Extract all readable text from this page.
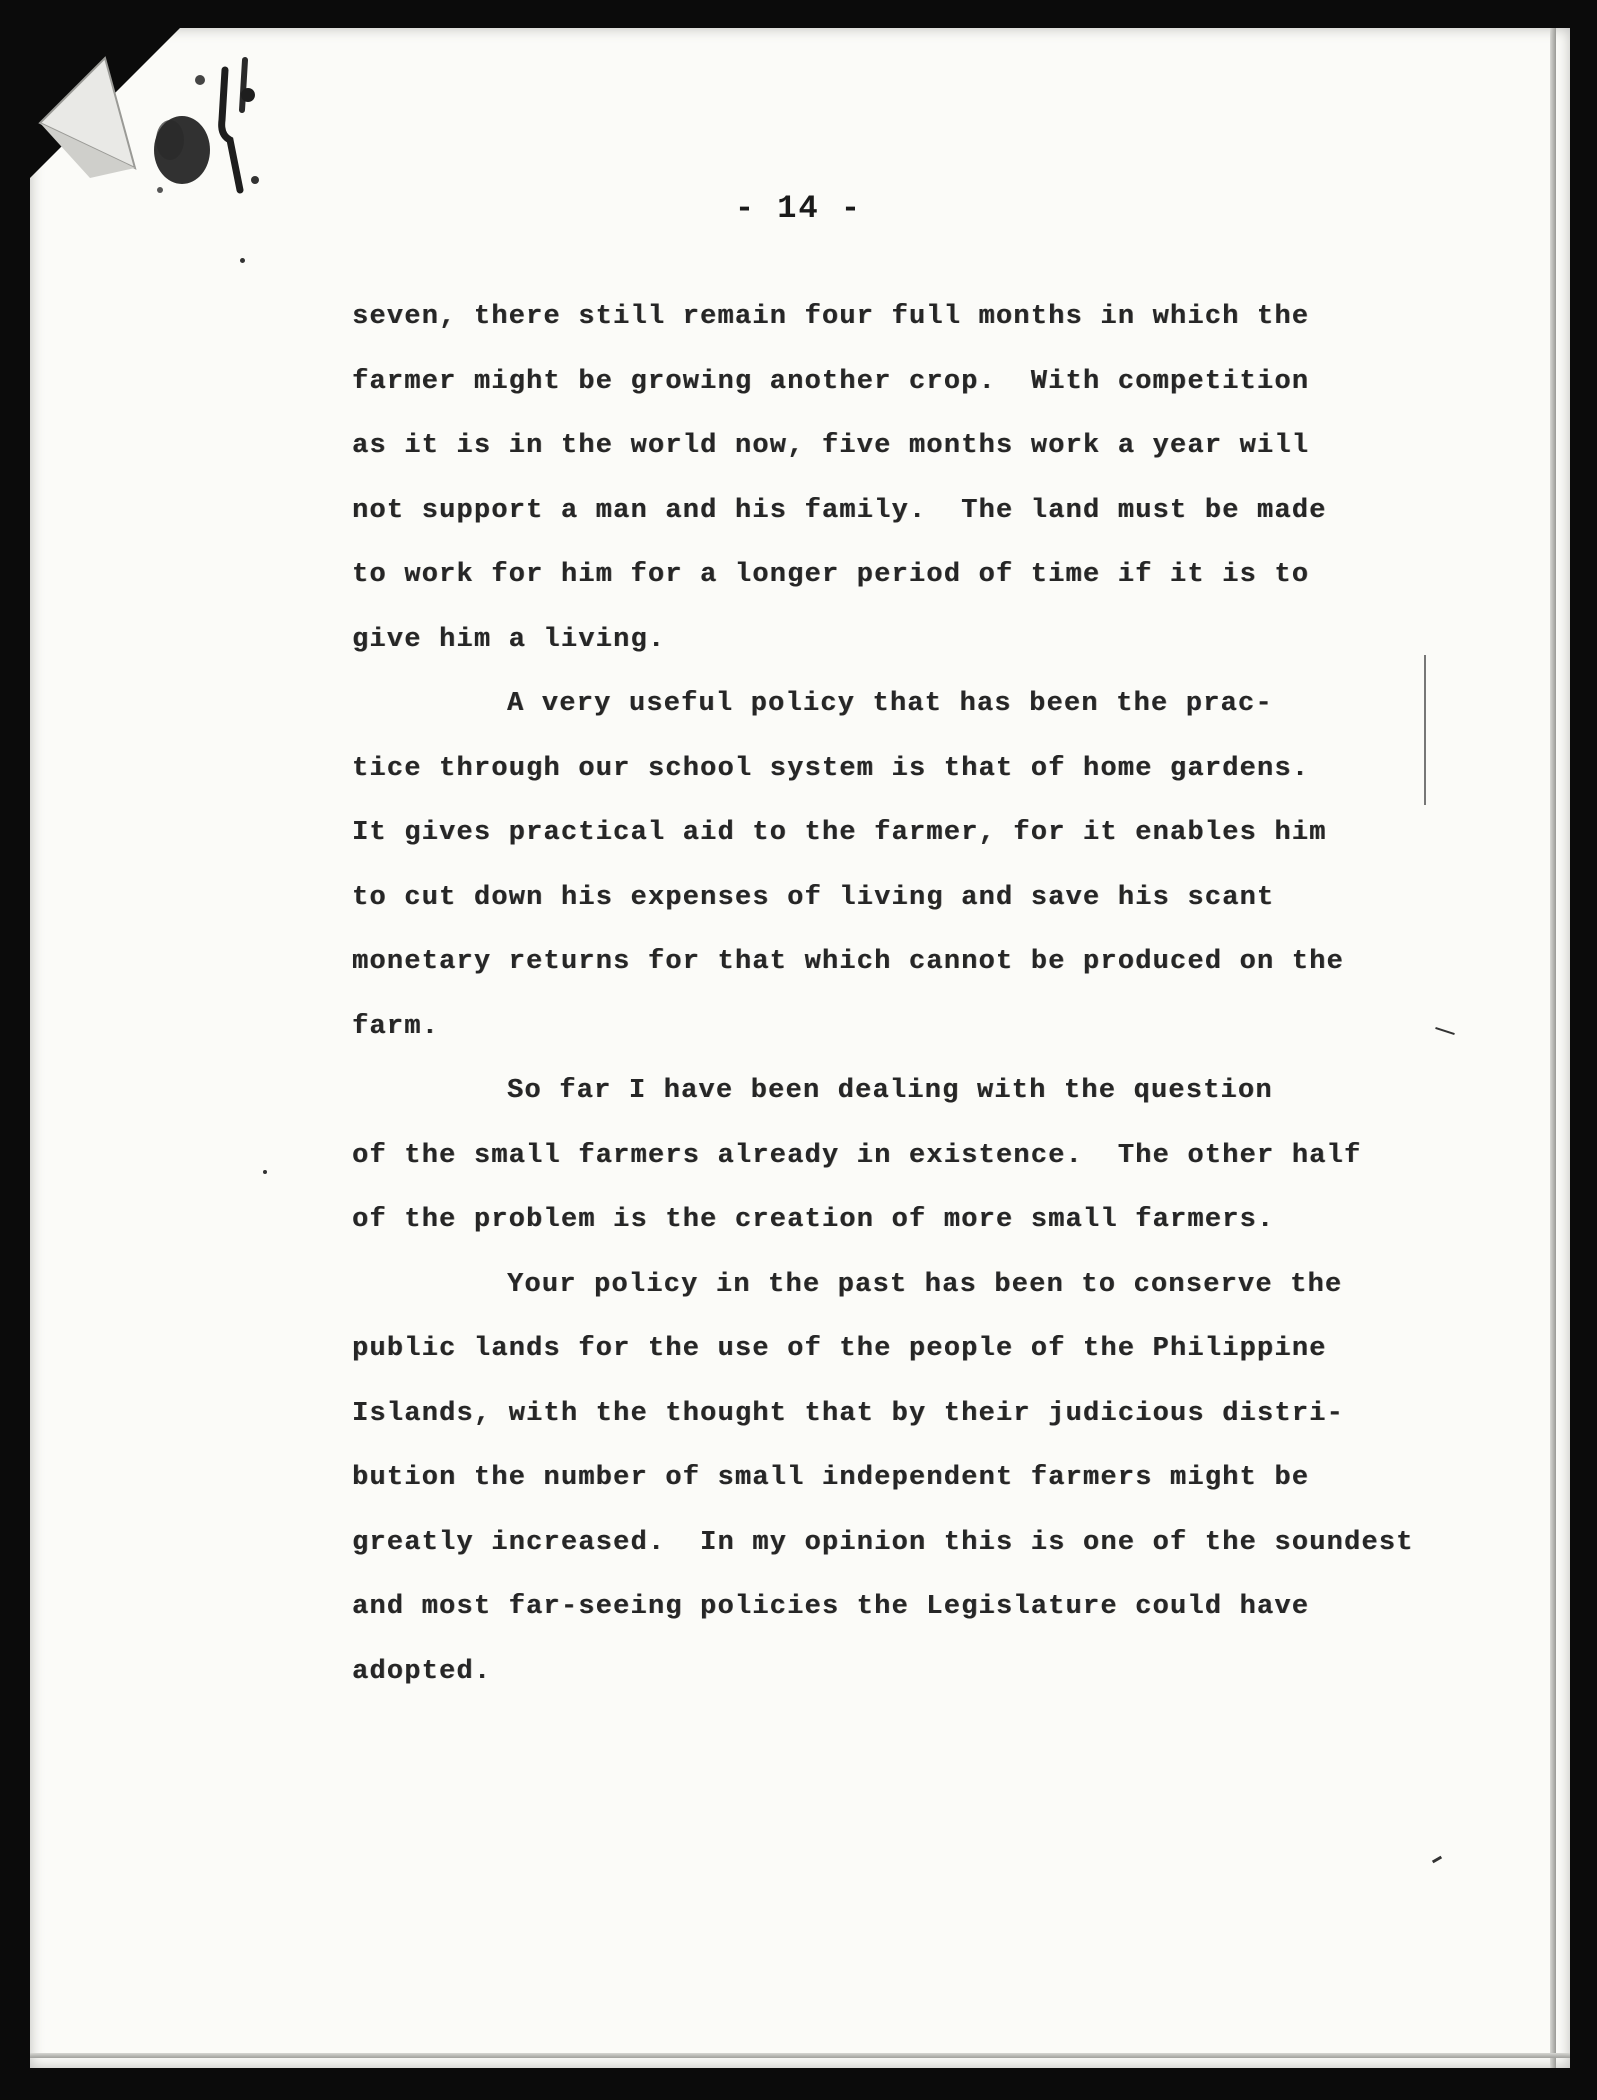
- 14 -
seven, there still remain four full months in which the
farmer might be growing another crop.  With competition
as it is in the world now, five months work a year will
not support a man and his family.  The land must be made
to work for him for a longer period of time if it is to
give him a living.
A very useful policy that has been the prac-
tice through our school system is that of home gardens.
It gives practical aid to the farmer, for it enables him
to cut down his expenses of living and save his scant
monetary returns for that which cannot be produced on the
farm.
So far I have been dealing with the question
of the small farmers already in existence.  The other half
of the problem is the creation of more small farmers.
Your policy in the past has been to conserve the
public lands for the use of the people of the Philippine
Islands, with the thought that by their judicious distri-
bution the number of small independent farmers might be
greatly increased.  In my opinion this is one of the soundest
and most far-seeing policies the Legislature could have
adopted.
